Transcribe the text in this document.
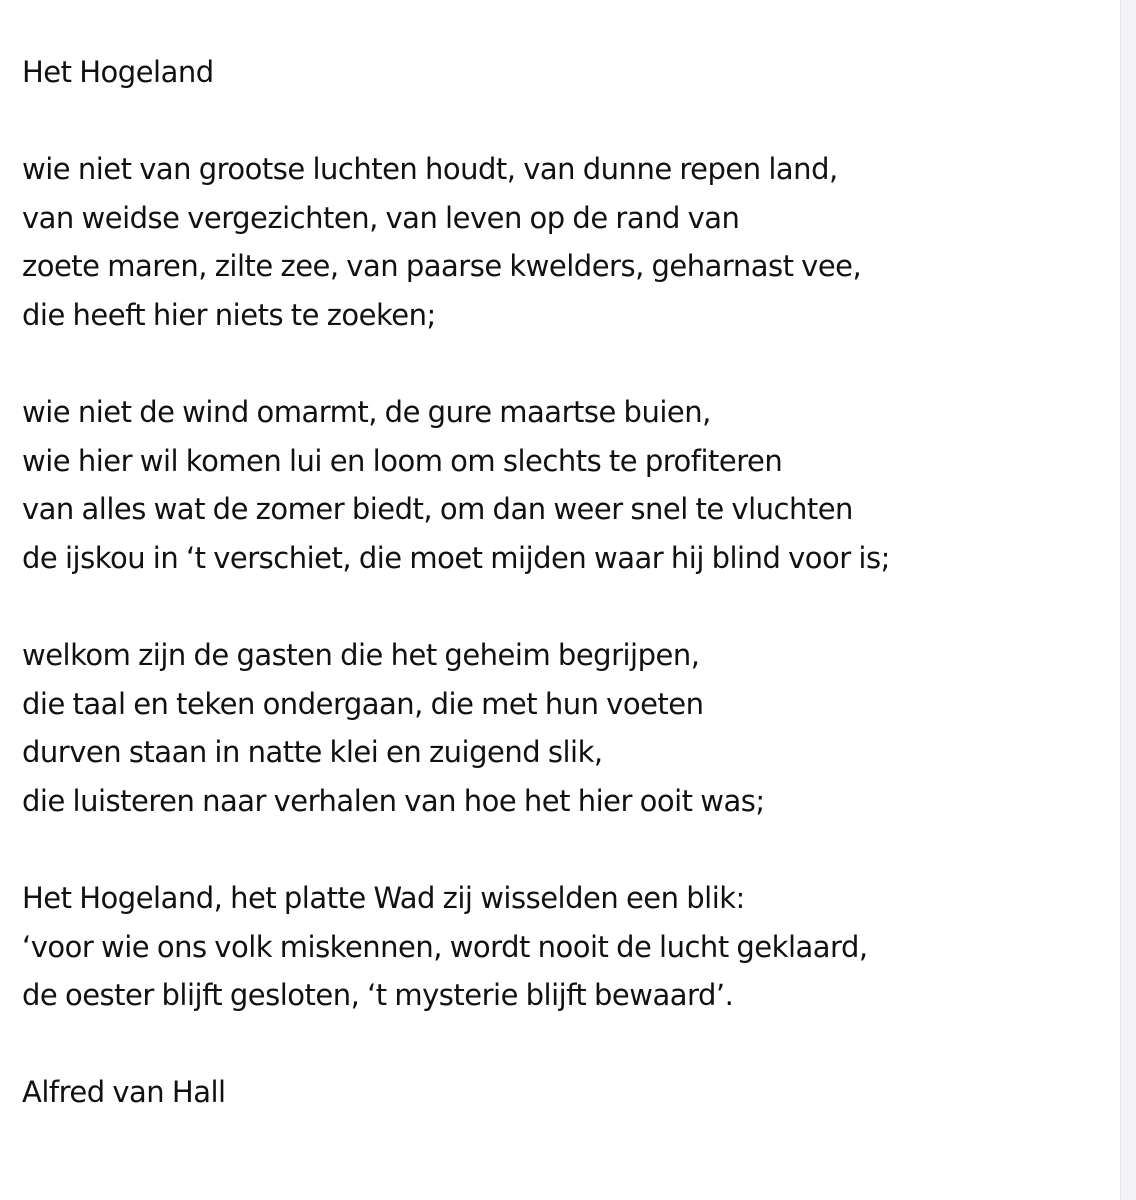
Het Hogeland
wie niet van grootse luchten houdt, van dunne repen land,
van weidse vergezichten, van leven op de rand van
zoete maren, zilte zee, van paarse kwelders, geharnast vee,
die heeft hier niets te zoeken;
wie niet de wind omarmt, de gure maartse buien,
wie hier wil komen lui en loom om slechts te profiteren
van alles wat de zomer biedt, om dan weer snel te vluchten
de ijskou in ‘t verschiet, die moet mijden waar hij blind voor is;
welkom zijn de gasten die het geheim begrijpen,
die taal en teken ondergaan, die met hun voeten
durven staan in natte klei en zuigend slik,
die luisteren naar verhalen van hoe het hier ooit was;
Het Hogeland, het platte Wad zij wisselden een blik:
‘voor wie ons volk miskennen, wordt nooit de lucht geklaard,
de oester blijft gesloten, ‘t mysterie blijft bewaard’.
Alfred van Hall
